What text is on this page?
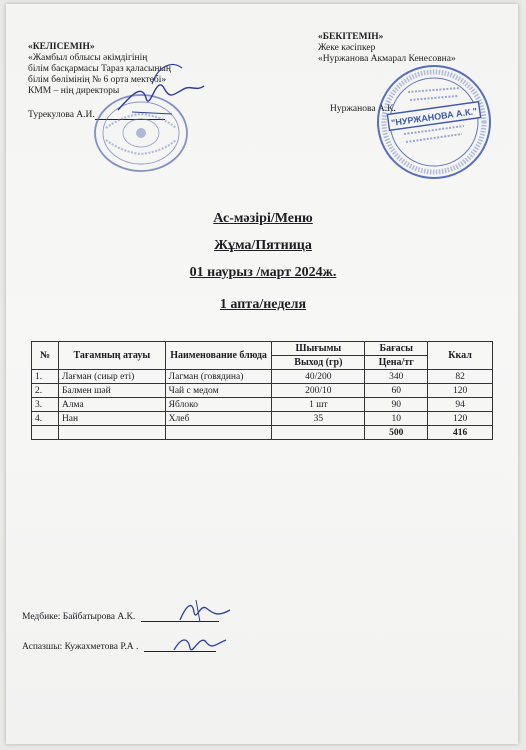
«КЕЛІСЕМІН»
«Жамбыл облысы әкімдігінің
білім басқармасы Тараз қаласының
білім бөлімінің № 6 орта мектебі»
КММ – нің директоры
Турекулова А.И.
«БЕКІТЕМІН»
Жеке кәсіпкер
«Нуржанова Акмарал Кенесовна»
Нуржанова А.К.
"НУРЖАНОВА А.К."
Ас-мәзірі/Меню
Жұма/Пятница
01 наурыз /март 2024ж.
1 апта/неделя
№	Тағамның атауы	Наименование блюда	Шығымы	Бағасы	Ккал
			Выход (гр)	Цена/тг	
1.	Лағман (сиыр еті)	Лагман (говядина)	40/200	340	82
2.	Балмен шәй	Чай с медом	200/10	60	120
3.	Алма	Яблоко	1 шт	90	94
4.	Нан	Хлеб	35	10	120
				500	416
Медбике: Байбатырова А.К.
Аспазшы: Кужахметова Р.А .
